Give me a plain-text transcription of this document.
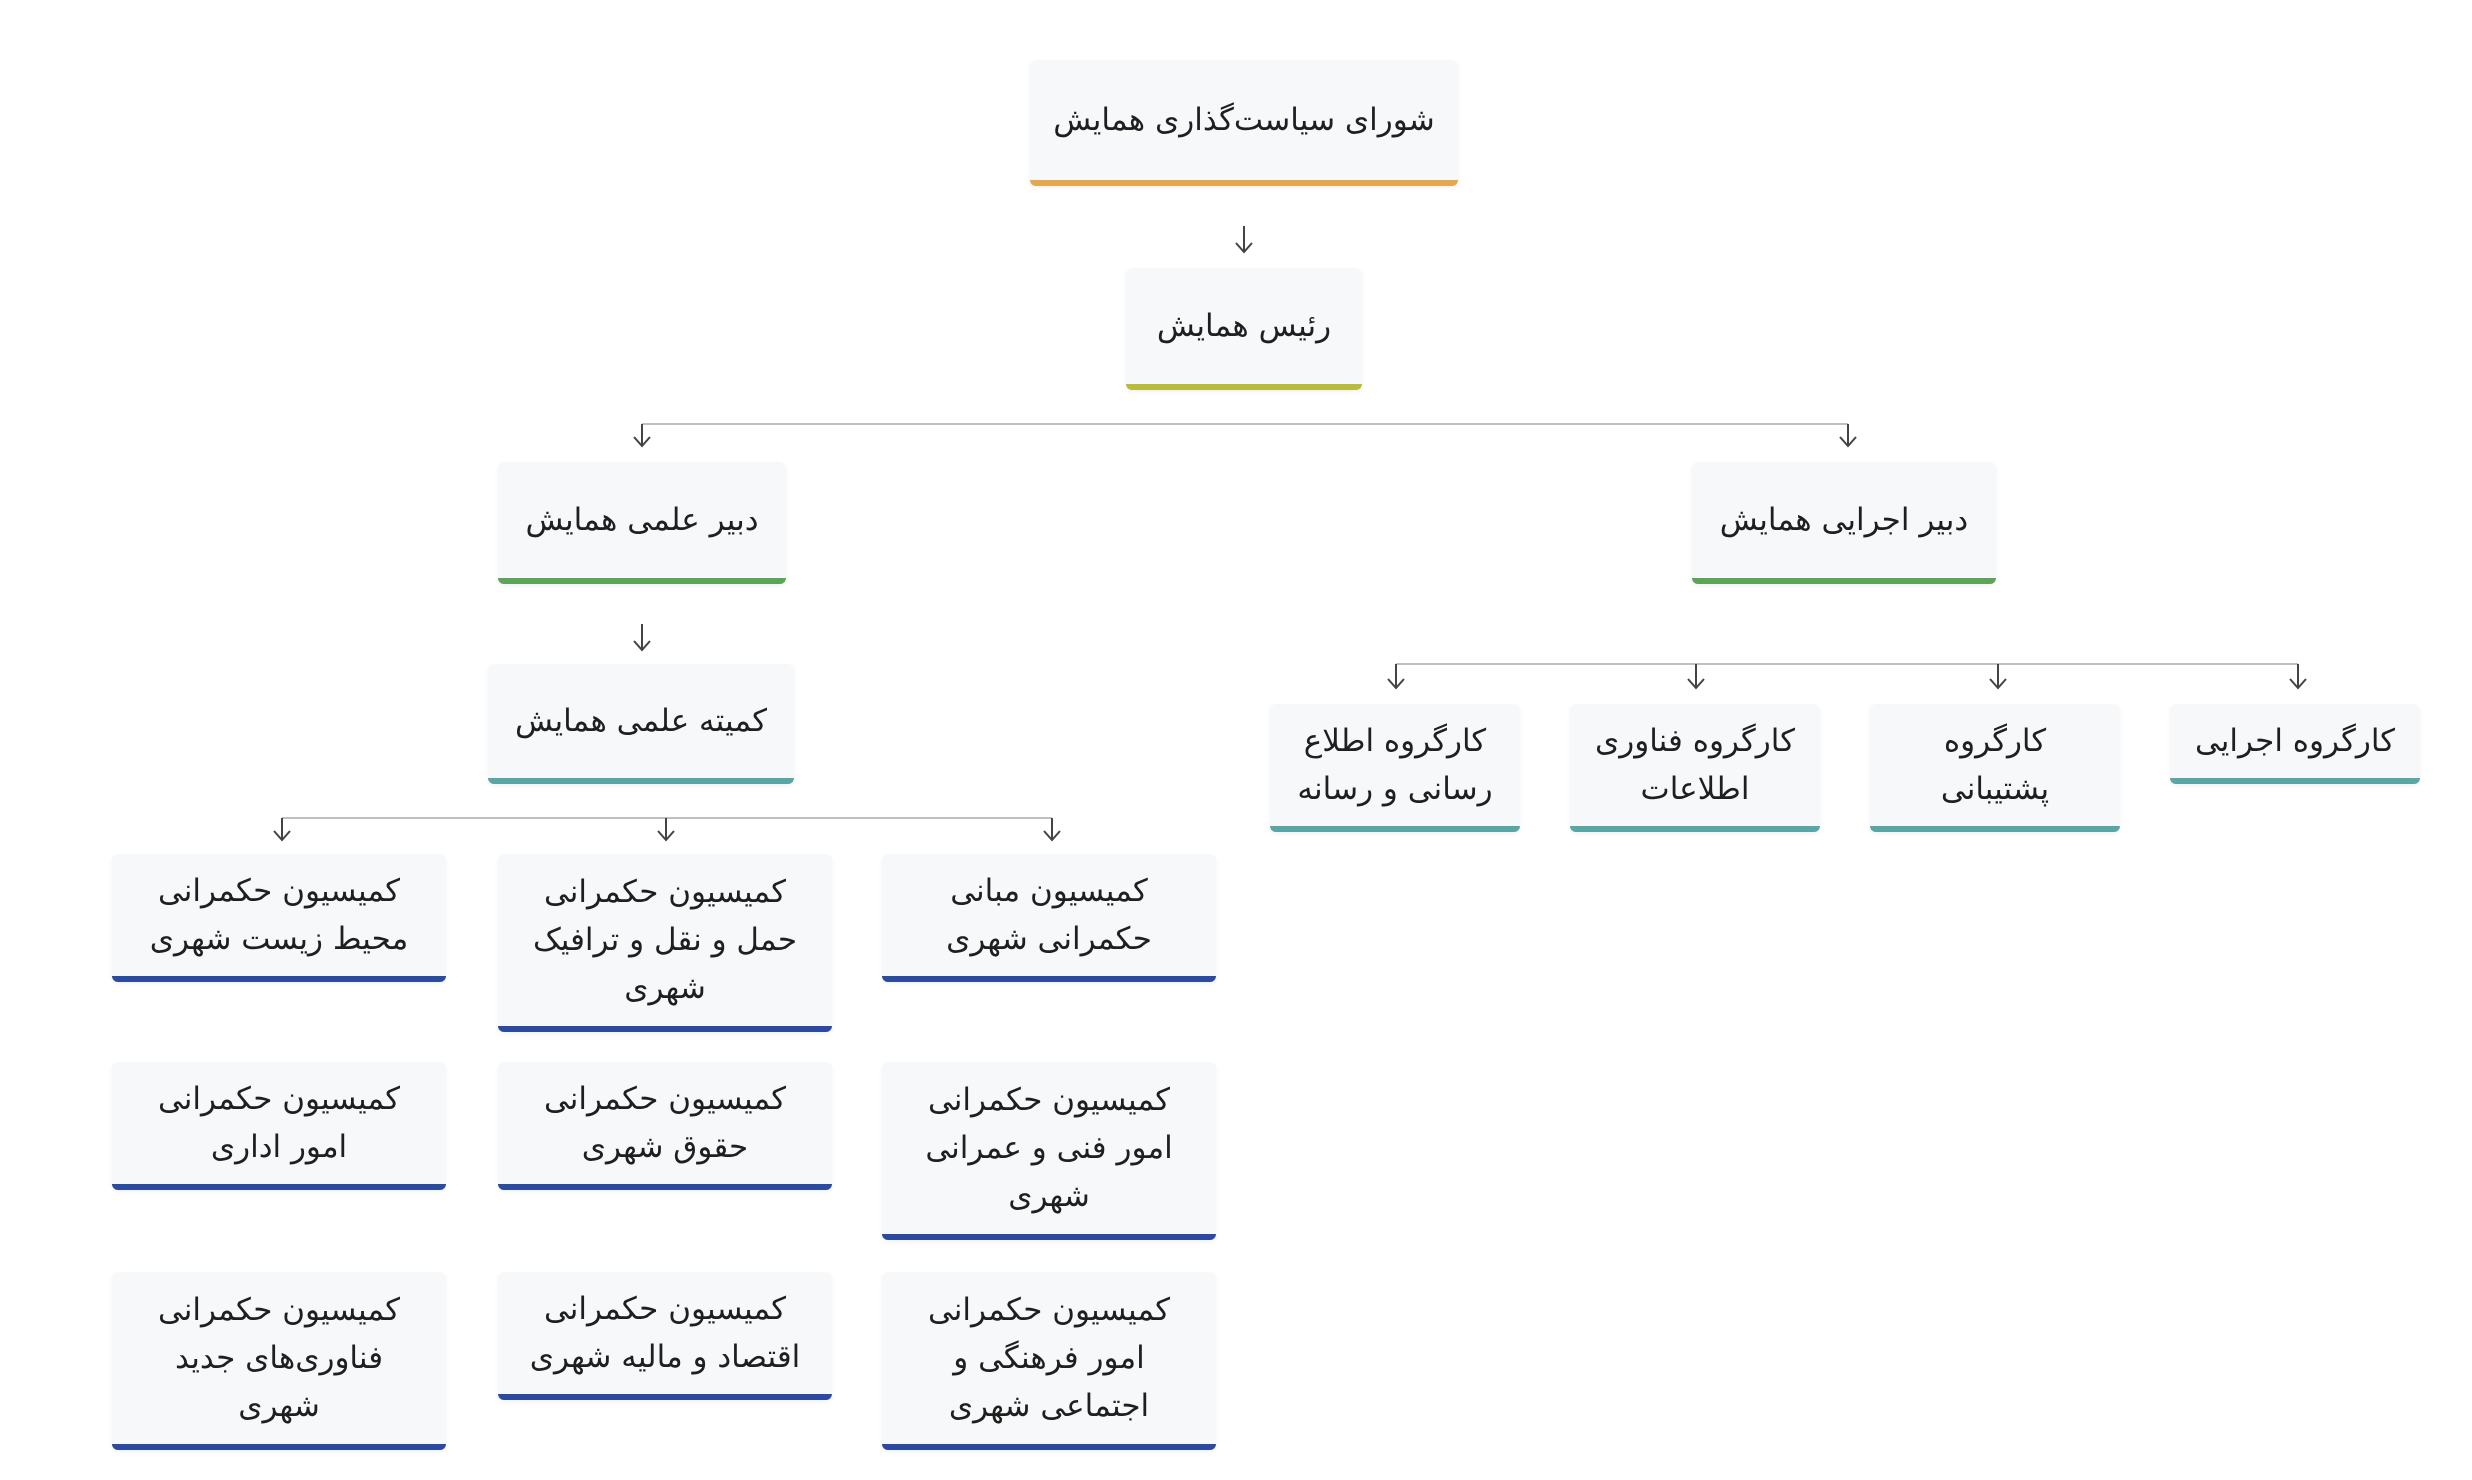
شورای سیاست‌گذاری همایش
رئیس همایش
دبیر اجرایی همایش
دبیر علمی همایش
کارگروه اجرایی
کارگروه
پشتیبانی
کارگروه فناوری
اطلاعات
کارگروه اطلاع
رسانی و رسانه
کمیته علمی همایش
کمیسیون مبانی
حکمرانی شهری
کمیسیون حکمرانی
حمل و نقل و ترافیک
شهری
کمیسیون حکمرانی
محیط زیست شهری
کمیسیون حکمرانی
امور فنی و عمرانی
شهری
کمیسیون حکمرانی
حقوق شهری
کمیسیون حکمرانی
امور اداری
کمیسیون حکمرانی
امور فرهنگی و
اجتماعی شهری
کمیسیون حکمرانی
اقتصاد و مالیه شهری
کمیسیون حکمرانی
فناوری‌های جدید
شهری
